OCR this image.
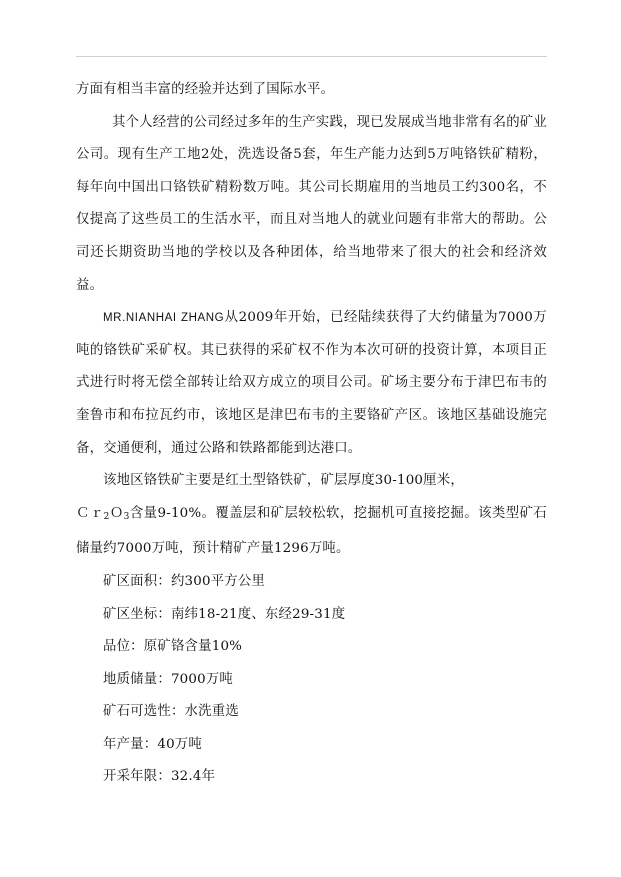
方面有相当丰富的经验并达到了国际水平。

其个人经营的公司经过多年的生产实践，现已发展成当地非常有名的矿业公司。现有生产工地2处，洗选设备5套，年生产能力达到5万吨铬铁矿精粉，每年向中国出口铬铁矿精粉数万吨。其公司长期雇用的当地员工约300名，不仅提高了这些员工的生活水平，而且对当地人的就业问题有非常大的帮助。公司还长期资助当地的学校以及各种团体，给当地带来了很大的社会和经济效益。

MR.NIANHAI ZHANG从2009年开始，已经陆续获得了大约储量为7000万吨的铬铁矿采矿权。其已获得的采矿权不作为本次可研的投资计算，本项目正式进行时将无偿全部转让给双方成立的项目公司。矿场主要分布于津巴布韦的奎鲁市和布拉瓦约市，该地区是津巴布韦的主要铬矿产区。该地区基础设施完备，交通便利，通过公路和铁路都能到达港口。

该地区铬铁矿主要是红土型铬铁矿，矿层厚度30-100厘米，
Ｃｒ$_2$Ｏ$_3$含量9-10%。覆盖层和矿层较松软，挖掘机可直接挖掘。该类型矿石储量约7000万吨，预计精矿产量1296万吨。

矿区面积：约300平方公里

矿区坐标：南纬18-21度、东经29-31度

品位：原矿铬含量10%

地质储量：7000万吨

矿石可选性：水洗重选

年产量：40万吨

开采年限：32.4年
